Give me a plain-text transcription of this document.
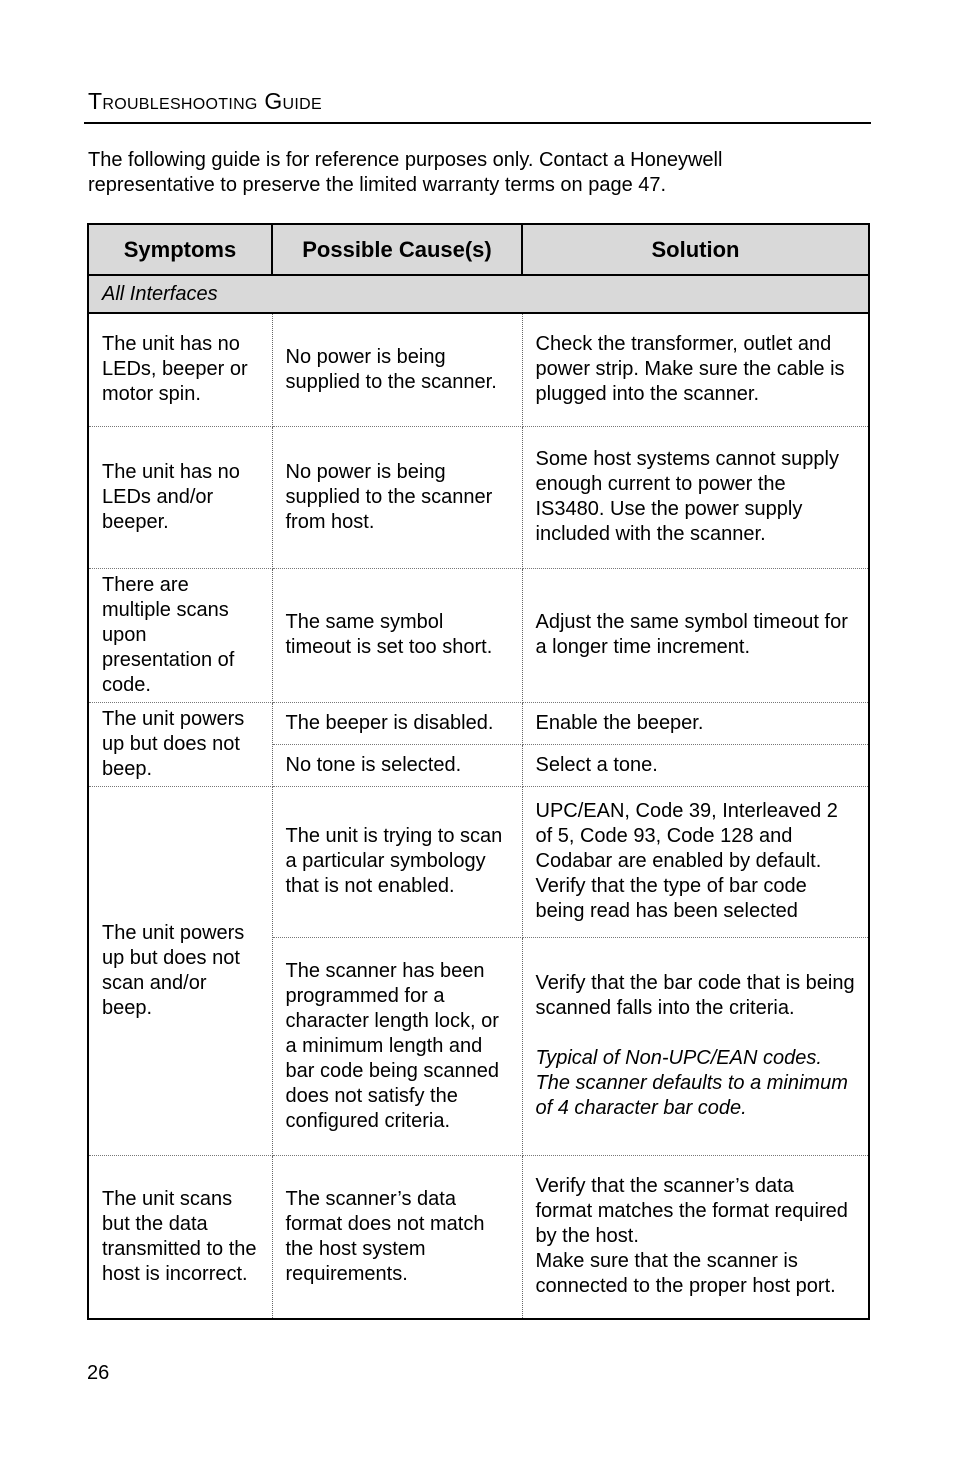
Troubleshooting Guide
The following guide is for reference purposes only. Contact a Honeywell representative to preserve the limited warranty terms on page 47.
Symptoms	Possible Cause(s)	Solution
All Interfaces		
The unit has no LEDs, beeper or motor spin.	No power is being supplied to the scanner.	Check the transformer, outlet and power strip. Make sure the cable is plugged into the scanner.
The unit has no LEDs and/or beeper.	No power is being supplied to the scanner from host.	Some host systems cannot supply enough current to power the IS3480. Use the power supply included with the scanner.
There are multiple scans upon presentation of code.	The same symbol timeout is set too short.	Adjust the same symbol timeout for a longer time increment.
The unit powers up but does not beep.	The beeper is disabled.	Enable the beeper.
	No tone is selected.	Select a tone.
The unit powers up but does not scan and/or beep.	The unit is trying to scan a particular symbology that is not enabled.	UPC/EAN, Code 39, Interleaved 2 of 5, Code 93, Code 128 and Codabar are enabled by default. Verify that the type of bar code being read has been selected
	The scanner has been programmed for a character length lock, or a minimum length and bar code being scanned does not satisfy the configured criteria.	Verify that the bar code that is being scanned falls into the criteria.
Typical of Non-UPC/EAN codes. The scanner defaults to a minimum of 4 character bar code.

The unit scans but the data transmitted to the host is incorrect.	The scanner’s data format does not match the host system requirements.	Verify that the scanner’s data format matches the format required by the host.
Make sure that the scanner is connected to the proper host port.
26
